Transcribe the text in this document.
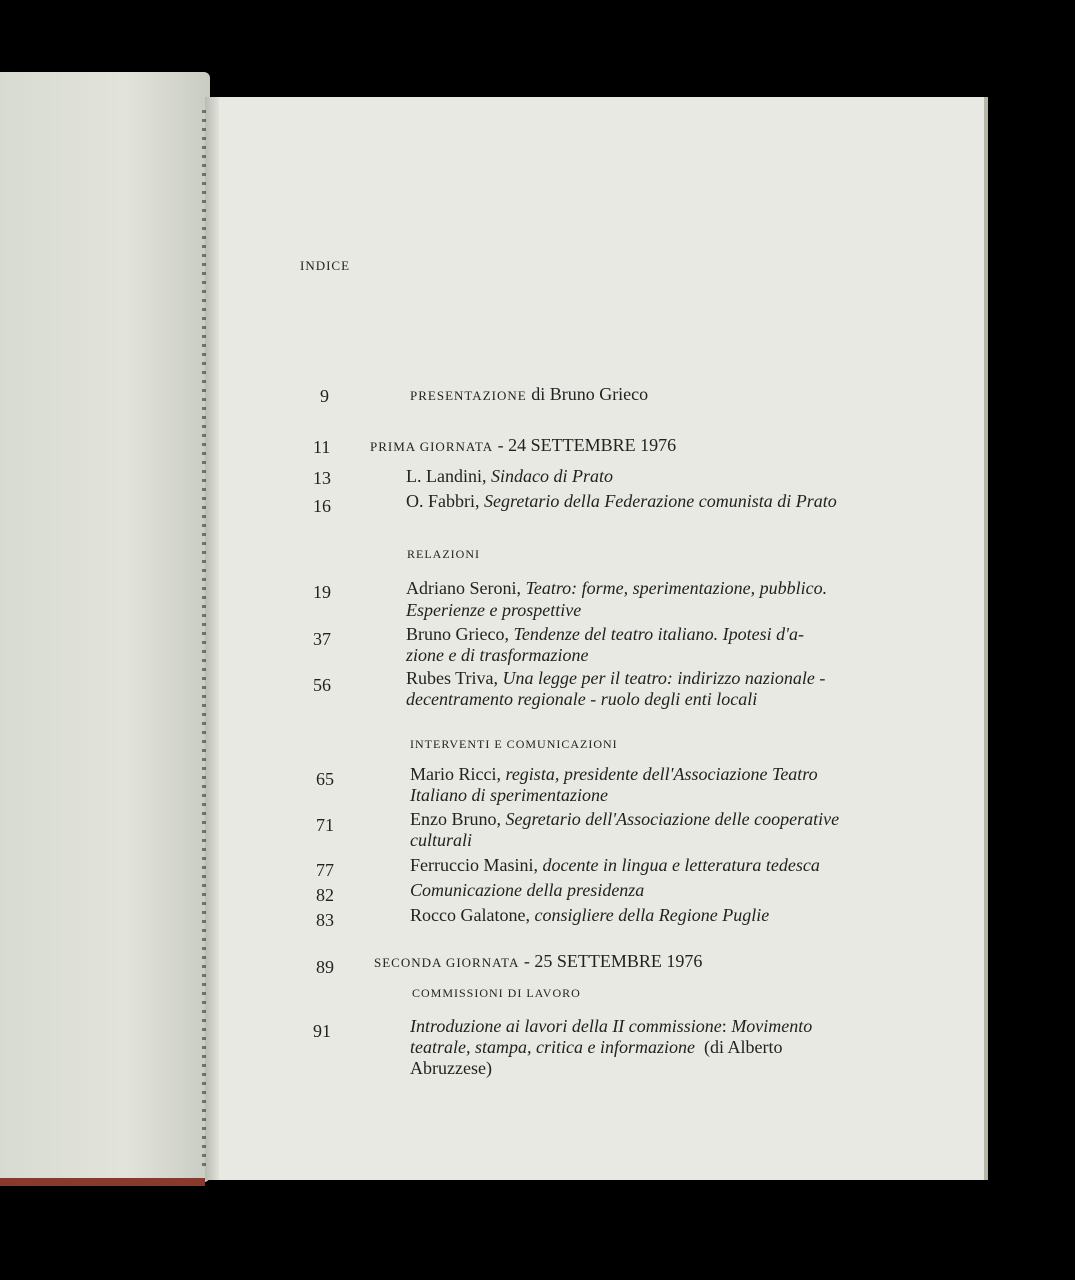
INDICE
9	PRESENTAZIONE di Bruno Grieco
11	PRIMA GIORNATA - 24 SETTEMBRE 1976
13	L. Landini, Sindaco di Prato
16	O. Fabbri, Segretario della Federazione comunista di Prato
RELAZIONI
19	Adriano Seroni, Teatro: forme, sperimentazione, pubblico.
Esperienze e prospettive
37	Bruno Grieco, Tendenze del teatro italiano. Ipotesi d'a-
zione e di trasformazione
56	Rubes Triva, Una legge per il teatro: indirizzo nazionale -
decentramento regionale - ruolo degli enti locali
INTERVENTI E COMUNICAZIONI
65	Mario Ricci, regista, presidente dell'Associazione Teatro
Italiano di sperimentazione
71	Enzo Bruno, Segretario dell'Associazione delle cooperative
culturali
77	Ferruccio Masini, docente in lingua e letteratura tedesca
82	Comunicazione della presidenza
83	Rocco Galatone, consigliere della Regione Puglie
89	SECONDA GIORNATA - 25 SETTEMBRE 1976
COMMISSIONI DI LAVORO
91	Introduzione ai lavori della II commissione: Movimento
teatrale, stampa, critica e informazione  (di Alberto
Abruzzese)
